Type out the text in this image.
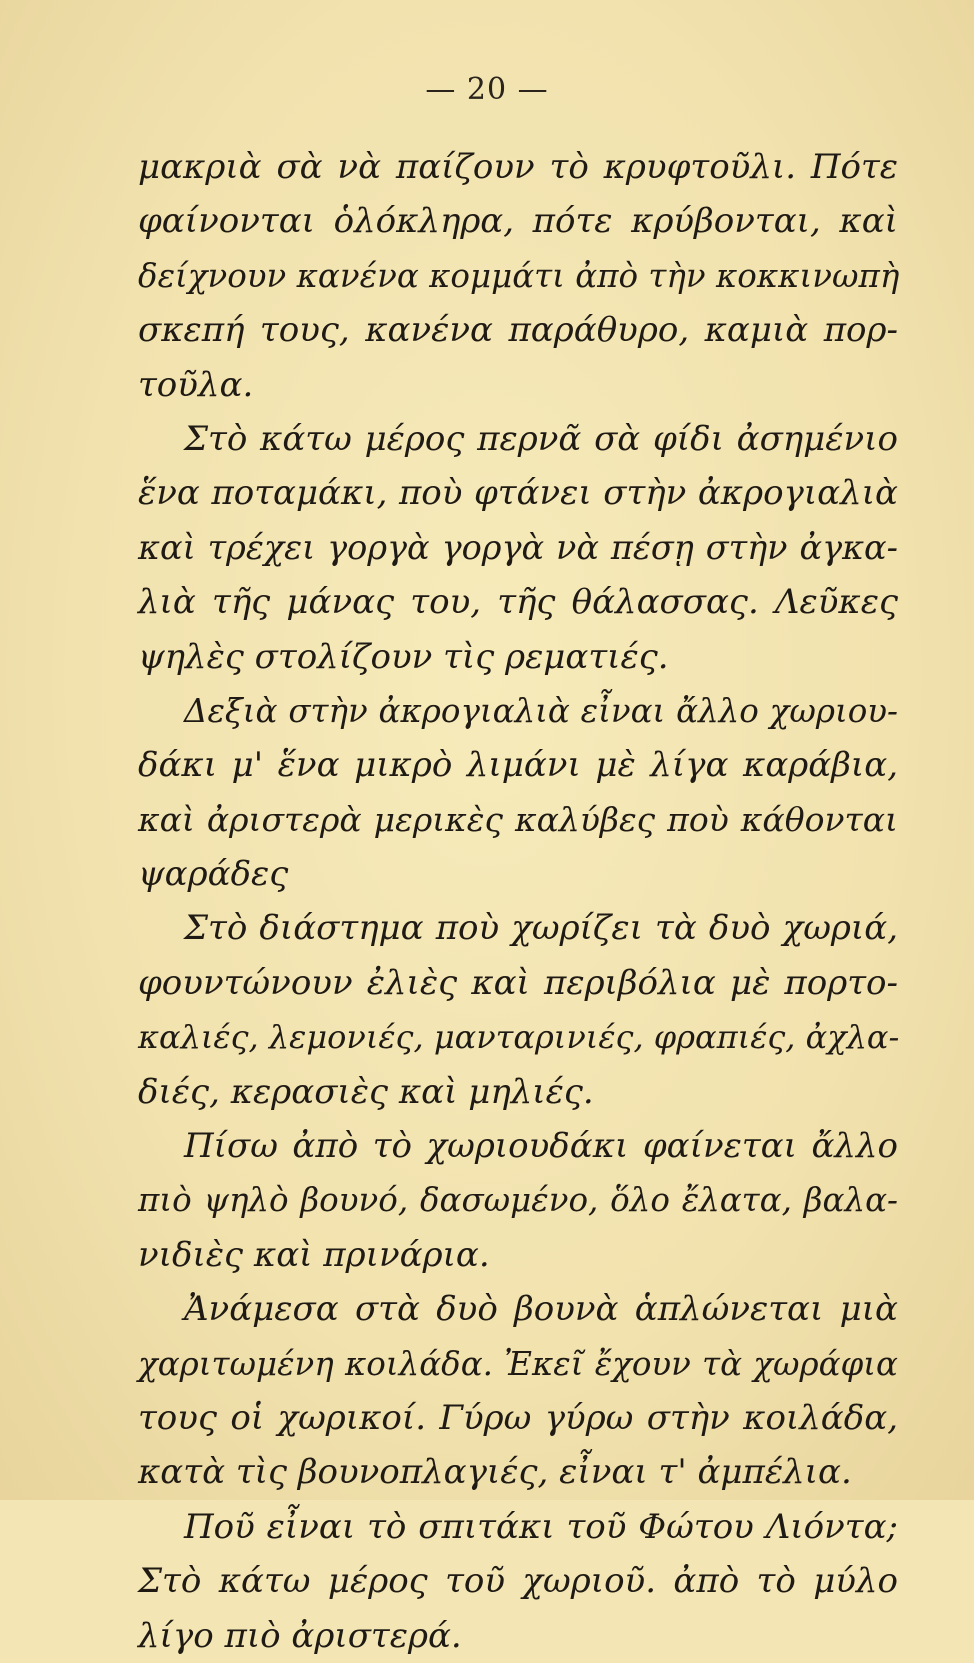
— 20 —
μακριὰ σὰ νὰ παίζουν τὸ κρυφτοῦλι. Πότε
φαίνονται ὁλόκληρα, πότε κρύβονται, καὶ
δείχνουν κανένα κομμάτι ἀπὸ τὴν κοκκινωπὴ
σκεπή τους, κανένα παράθυρο, καμιὰ πορ-
τοῦλα.
Στὸ κάτω μέρος περνᾶ σὰ φίδι ἀσημένιο
ἕνα ποταμάκι, ποὺ φτάνει στὴν ἀκρογιαλιὰ
καὶ τρέχει γοργὰ γοργὰ νὰ πέσῃ στὴν ἀγκα-
λιὰ τῆς μάνας του, τῆς θάλασσας. Λεῦκες
ψηλὲς στολίζουν τὶς ρεματιές.
Δεξιὰ στὴν ἀκρογιαλιὰ εἶναι ἄλλο χωριου-
δάκι μ' ἕνα μικρὸ λιμάνι μὲ λίγα καράβια,
καὶ ἀριστερὰ μερικὲς καλύβες ποὺ κάθονται
ψαράδες
Στὸ διάστημα ποὺ χωρίζει τὰ δυὸ χωριά,
φουντώνουν ἐλιὲς καὶ περιβόλια μὲ πορτο-
καλιές, λεμονιές, μανταρινιές, φραπιές, ἀχλα-
διές, κερασιὲς καὶ μηλιές.
Πίσω ἀπὸ τὸ χωριουδάκι φαίνεται ἄλλο
πιὸ ψηλὸ βουνό, δασωμένο, ὅλο ἔλατα, βαλα-
νιδιὲς καὶ πρινάρια.
Ἀνάμεσα στὰ δυὸ βουνὰ ἁπλώνεται μιὰ
χαριτωμένη κοιλάδα. Ἐκεῖ ἔχουν τὰ χωράφια
τους οἱ χωρικοί. Γύρω γύρω στὴν κοιλάδα,
κατὰ τὶς βουνοπλαγιές, εἶναι τ' ἀμπέλια.
Ποῦ εἶναι τὸ σπιτάκι τοῦ Φώτου Λιόντα;
Στὸ κάτω μέρος τοῦ χωριοῦ. ἀπὸ τὸ μύλο
λίγο πιὸ ἀριστερά.
